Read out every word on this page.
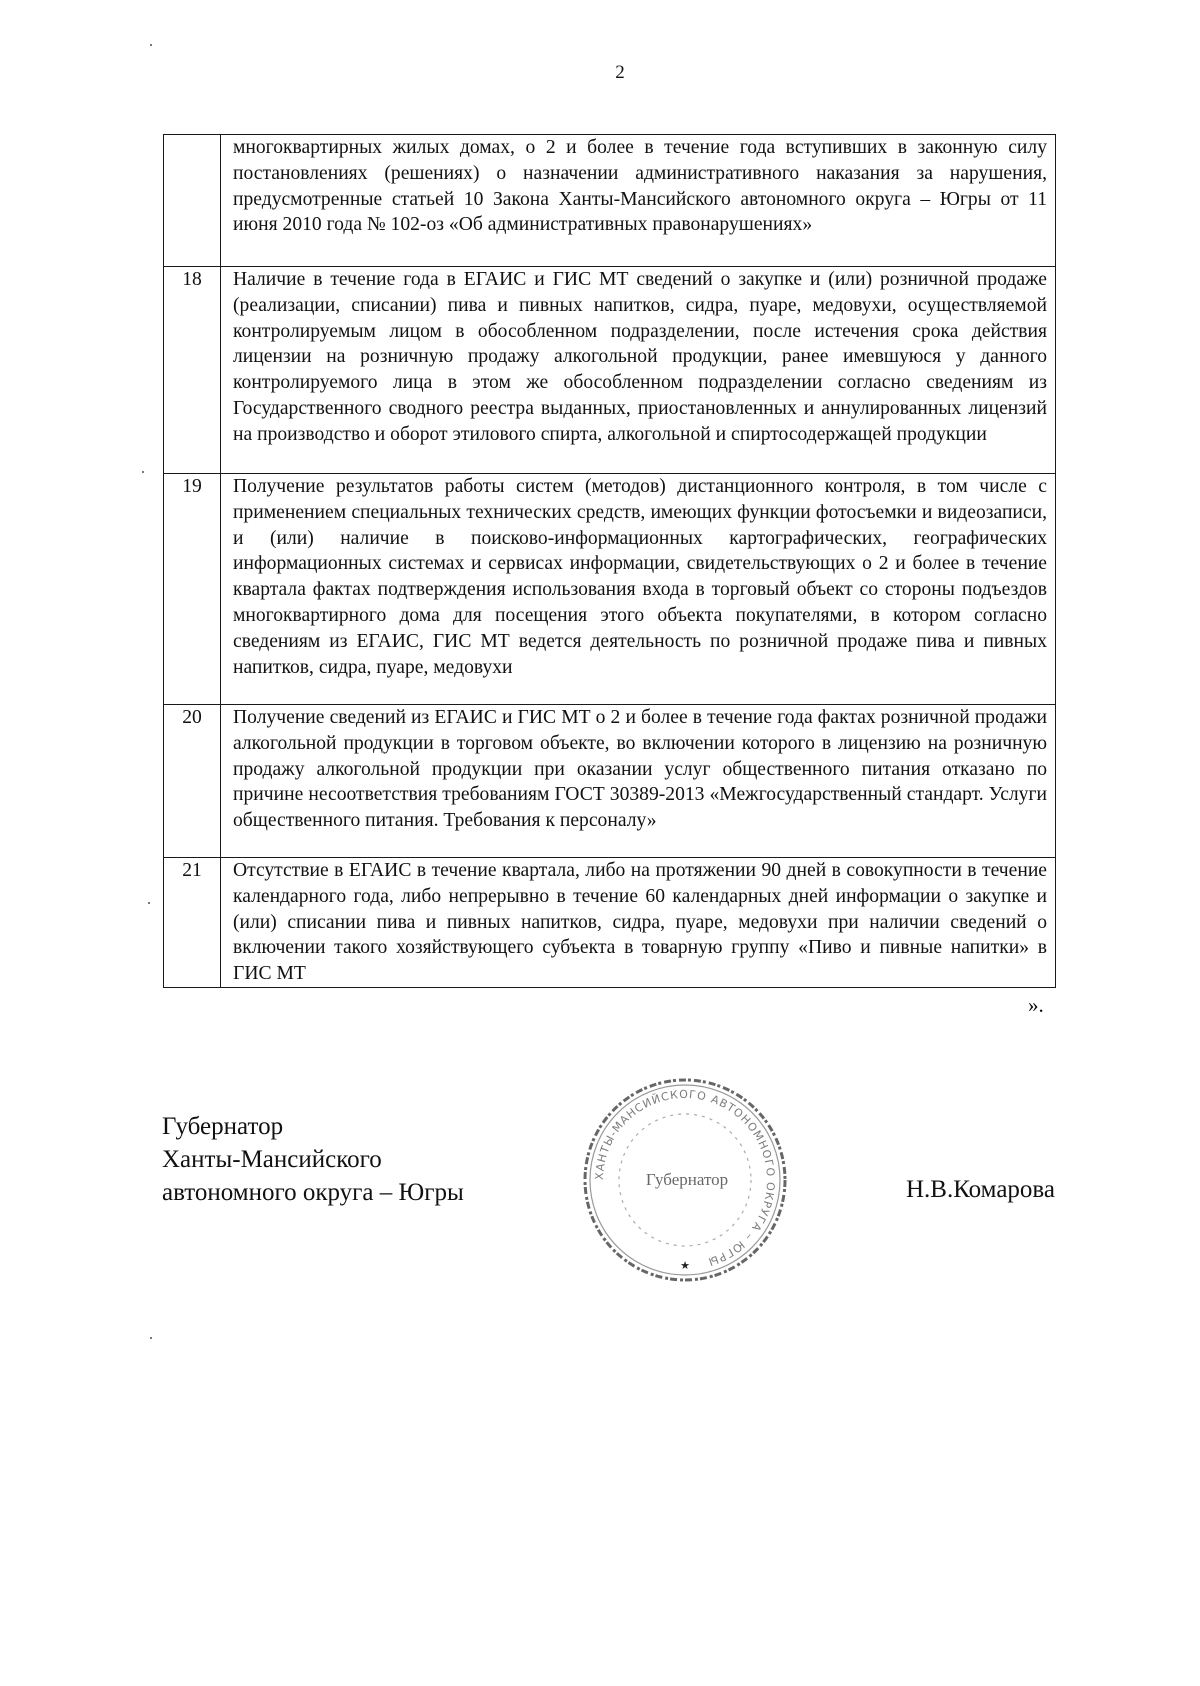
2
	многоквартирных жилых домах, о 2 и более в течение года вступивших в законную силу постановлениях (решениях) о назначении административного наказания за нарушения, предусмотренные статьей 10 Закона Ханты-Мансийского автономного округа – Югры от 11 июня 2010 года № 102-оз «Об административных правонарушениях»
18	Наличие в течение года в ЕГАИС и ГИС МТ сведений о закупке и (или) розничной продаже (реализации, списании) пива и пивных напитков, сидра, пуаре, медовухи, осуществляемой контролируемым лицом в обособленном подразделении, после истечения срока действия лицензии на розничную продажу алкогольной продукции, ранее имевшуюся у данного контролируемого лица в этом же обособленном подразделении согласно сведениям из Государственного сводного реестра выданных, приостановленных и аннулированных лицензий на производство и оборот этилового спирта, алкогольной и спиртосодержащей продукции
19	Получение результатов работы систем (методов) дистанционного контроля, в том числе с применением специальных технических средств, имеющих функции фотосъемки и видеозаписи, и (или) наличие в поисково-информационных картографических, географических информационных системах и сервисах информации, свидетельствующих о 2 и более в течение квартала фактах подтверждения использования входа в торговый объект со стороны подъездов многоквартирного дома для посещения этого объекта покупателями, в котором согласно сведениям из ЕГАИС, ГИС МТ ведется деятельность по розничной продаже пива и пивных напитков, сидра, пуаре, медовухи
20	Получение сведений из ЕГАИС и ГИС МТ о 2 и более в течение года фактах розничной продажи алкогольной продукции в торговом объекте, во включении которого в лицензию на розничную продажу алкогольной продукции при оказании услуг общественного питания отказано по причине несоответствия требованиям ГОСТ 30389-2013 «Межгосударственный стандарт. Услуги общественного питания. Требования к персоналу»
21	Отсутствие в ЕГАИС в течение квартала, либо на протяжении 90 дней в совокупности в течение календарного года, либо непрерывно в течение 60 календарных дней информации о закупке и (или) списании пива и пивных напитков, сидра, пуаре, медовухи при наличии сведений о включении такого хозяйствующего субъекта в товарную группу «Пиво и пивные напитки» в ГИС МТ
».
Губернатор
Ханты-Мансийского
автономного округа – Югры	Н.В.Комарова
ХАНТЫ-МАНСИЙСКОГО АВТОНОМНОГО ОКРУГА – ЮГРЫ
Губернатор
★
